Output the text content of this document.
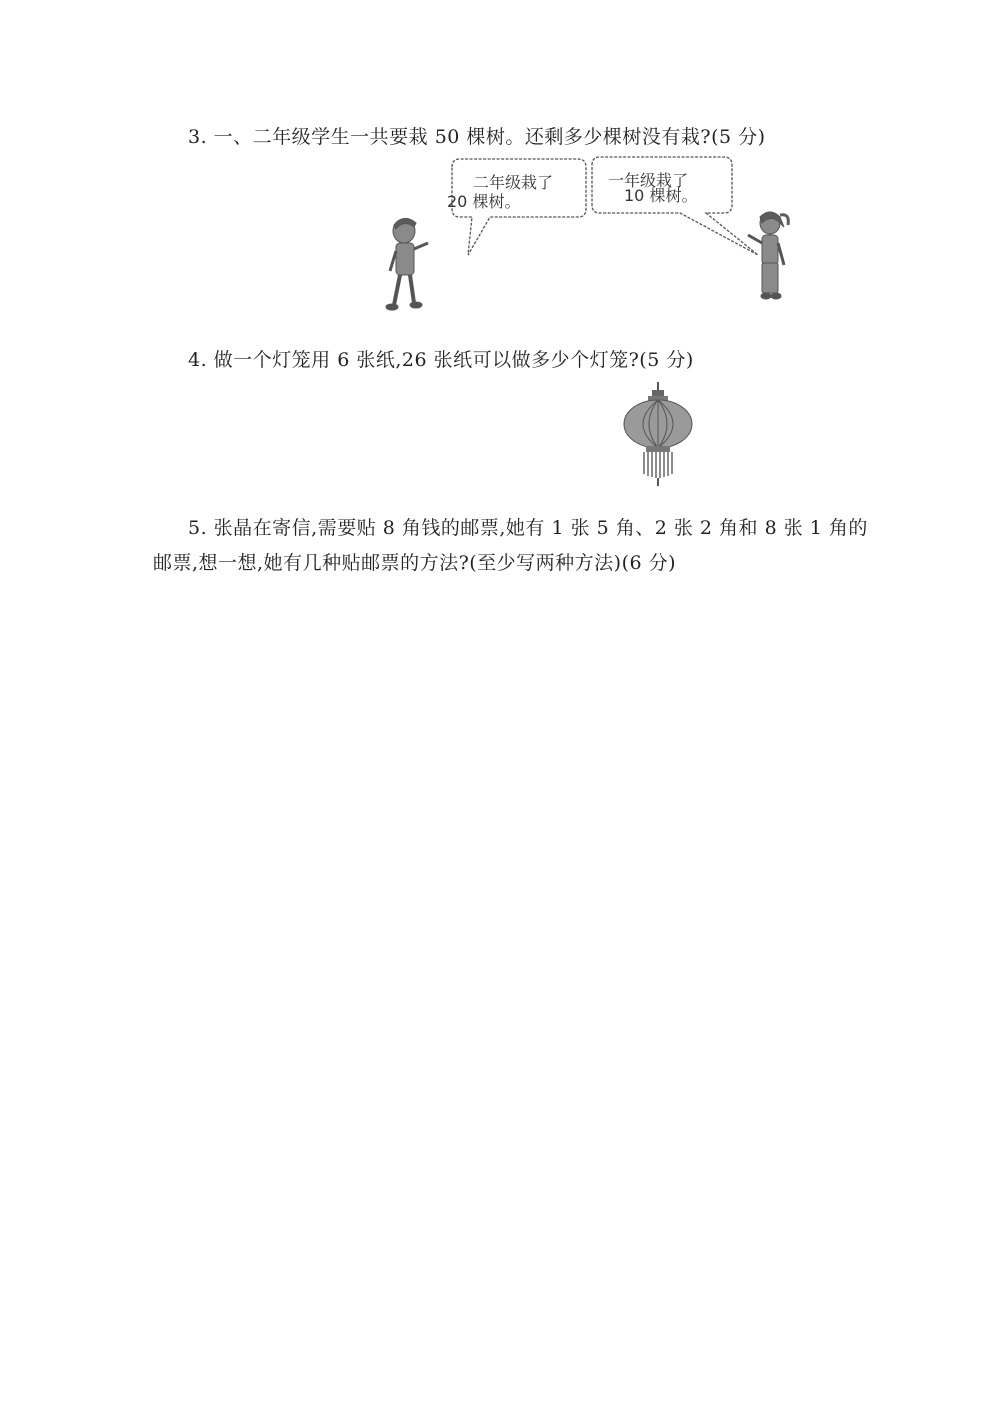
3. 一、二年级学生一共要栽 50 棵树。还剩多少棵树没有栽?(5 分)
二年级栽了
20 棵树。
一年级栽了
10 棵树。
4. 做一个灯笼用 6 张纸,26 张纸可以做多少个灯笼?(5 分)
5. 张晶在寄信,需要贴 8 角钱的邮票,她有 1 张 5 角、2 张 2 角和 8 张 1 角的
邮票,想一想,她有几种贴邮票的方法?(至少写两种方法)(6 分)
